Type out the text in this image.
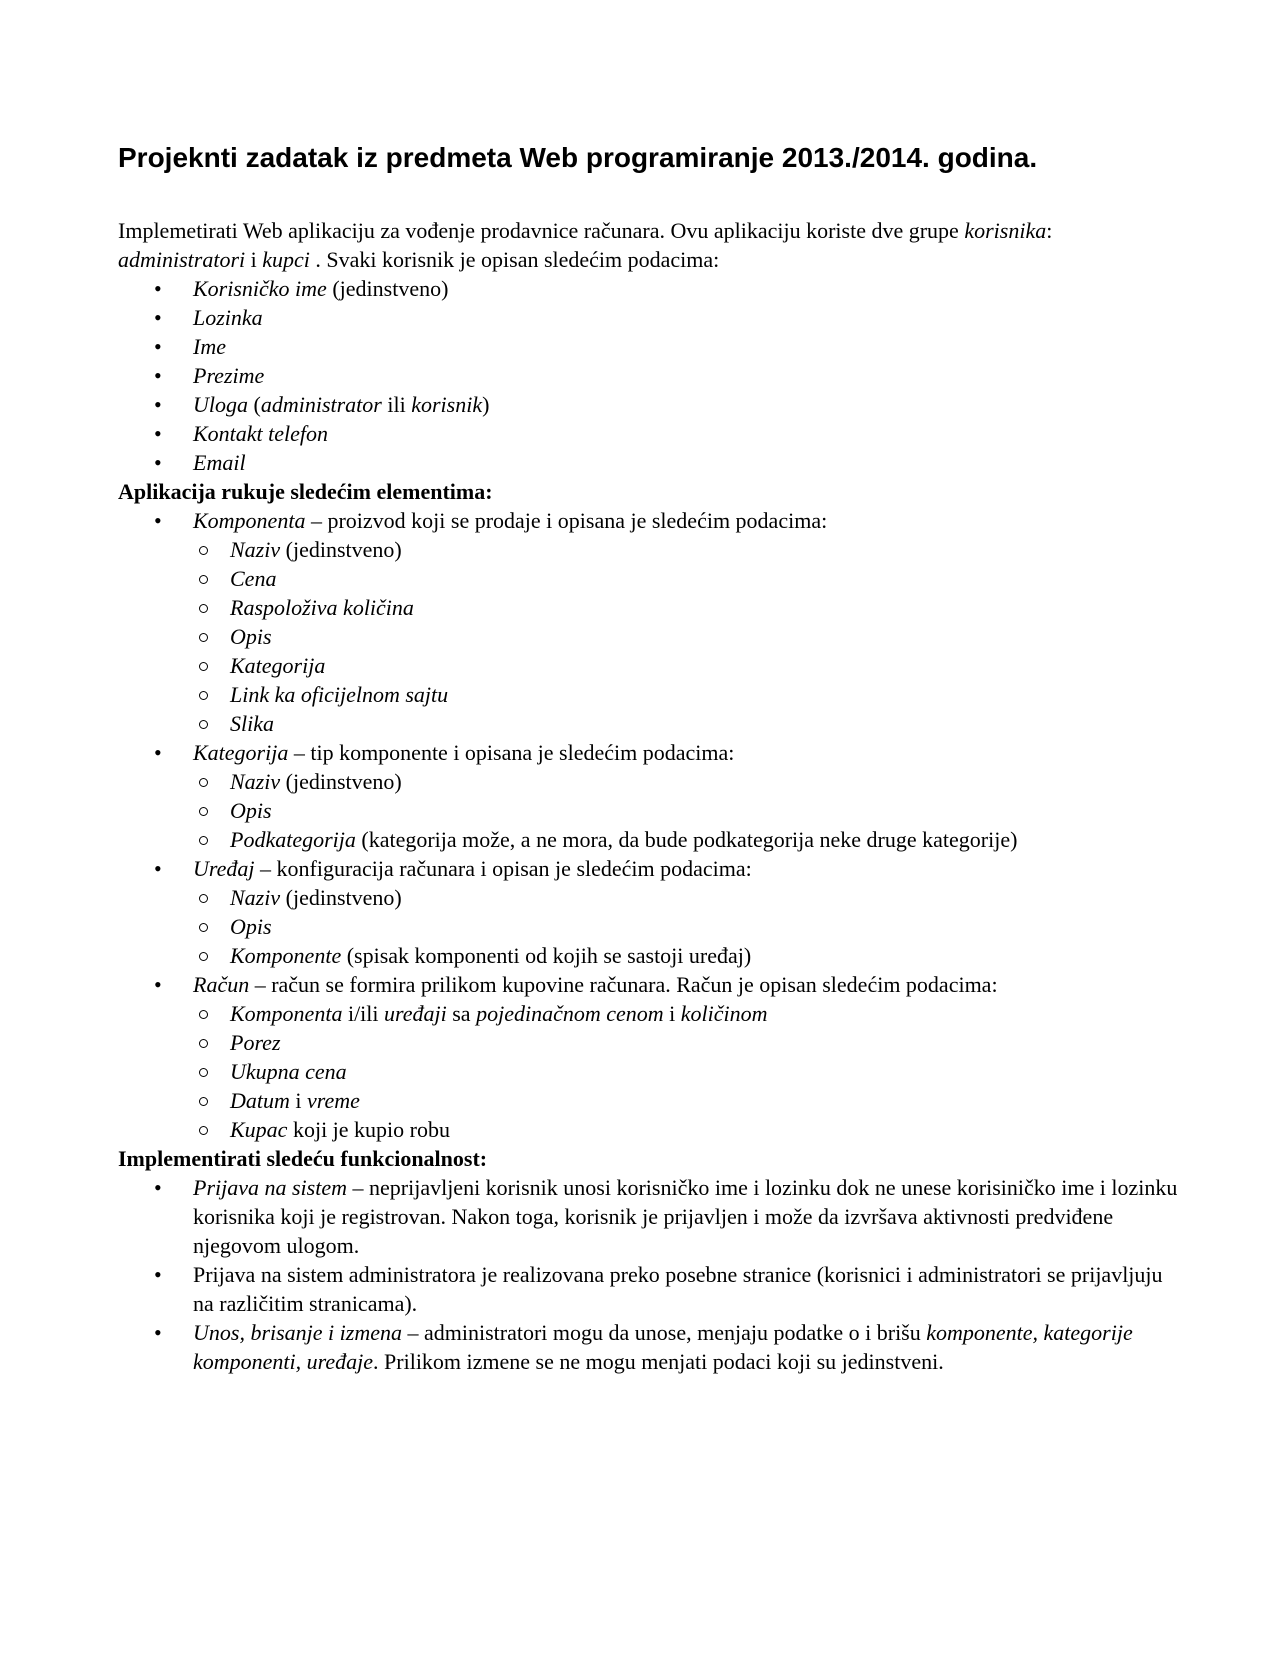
Projeknti zadatak iz predmeta Web programiranje 2013./2014. godina.

Implemetirati Web aplikaciju za vođenje prodavnice računara. Ovu aplikaciju koriste dve grupe korisnika: administratori i kupci . Svaki korisnik je opisan sledećim podacima:

• Korisničko ime (jedinstveno)
• Lozinka
• Ime
• Prezime
• Uloga (administrator ili korisnik)
• Kontakt telefon
• Email

Aplikacija rukuje sledećim elementima:

• Komponenta – proizvod koji se prodaje i opisana je sledećim podacima:
Naziv (jedinstveno)
Cena
Raspoloživa količina
Opis
Kategorija
Link ka oficijelnom sajtu
Slika
• Kategorija – tip komponente i opisana je sledećim podacima:
Naziv (jedinstveno)
Opis
Podkategorija (kategorija može, a ne mora, da bude podkategorija neke druge kategorije)
• Uređaj – konfiguracija računara i opisan je sledećim podacima:
Naziv (jedinstveno)
Opis
Komponente (spisak komponenti od kojih se sastoji uređaj)
• Račun – račun se formira prilikom kupovine računara. Račun je opisan sledećim podacima:
Komponenta i/ili uređaji sa pojedinačnom cenom i količinom
Porez
Ukupna cena
Datum i vreme
Kupac koji je kupio robu

Implementirati sledeću funkcionalnost:

• Prijava na sistem – neprijavljeni korisnik unosi korisničko ime i lozinku dok ne unese korisiničko ime i lozinku korisnika koji je registrovan. Nakon toga, korisnik je prijavljen i može da izvršava aktivnosti predviđene njegovom ulogom.
• Prijava na sistem administratora je realizovana preko posebne stranice (korisnici i administratori se prijavljuju na različitim stranicama).
• Unos, brisanje i izmena – administratori mogu da unose, menjaju podatke o i brišu komponente, kategorije komponenti, uređaje. Prilikom izmene se ne mogu menjati podaci koji su jedinstveni.
